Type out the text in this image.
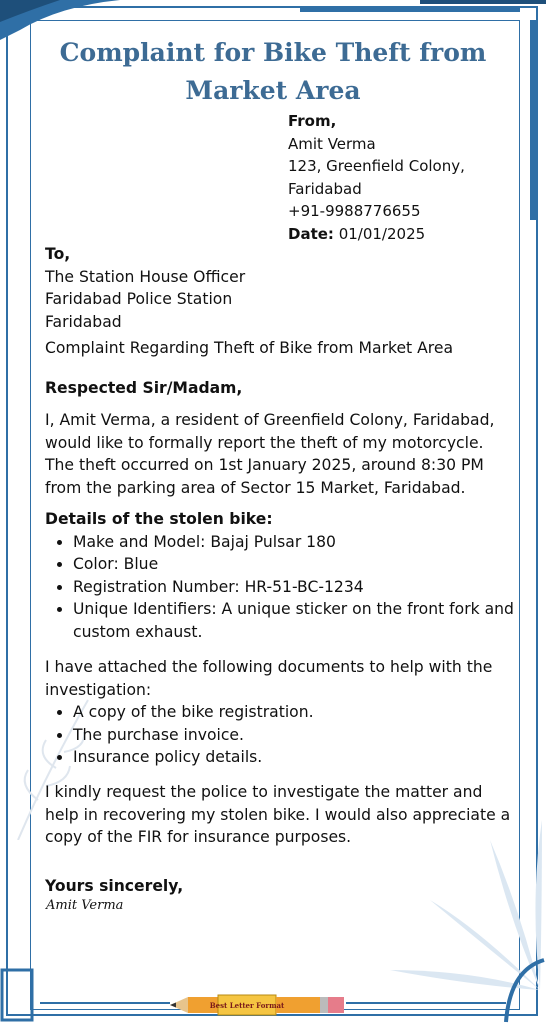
Complaint for Bike Theft from Market Area
From,
Amit Verma
123, Greenfield Colony,
Faridabad
+91-9988776655
Date: 01/01/2025
To,
The Station House Officer
Faridabad Police Station
Faridabad
Complaint Regarding Theft of Bike from Market Area
Respected Sir/Madam,

I, Amit Verma, a resident of Greenfield Colony, Faridabad, would like to formally report the theft of my motorcycle. The theft occurred on 1st January 2025, around 8:30 PM from the parking area of Sector 15 Market, Faridabad.

Details of the stolen bike:
• Make and Model: Bajaj Pulsar 180
• Color: Blue
• Registration Number: HR-51-BC-1234
• Unique Identifiers: A unique sticker on the front fork and custom exhaust.

I have attached the following documents to help with the investigation:

• A copy of the bike registration.
• The purchase invoice.
• Insurance policy details.

I kindly request the police to investigate the matter and help in recovering my stolen bike. I would also appreciate a copy of the FIR for insurance purposes.

Yours sincerely,
Amit Verma
Best Letter Format
